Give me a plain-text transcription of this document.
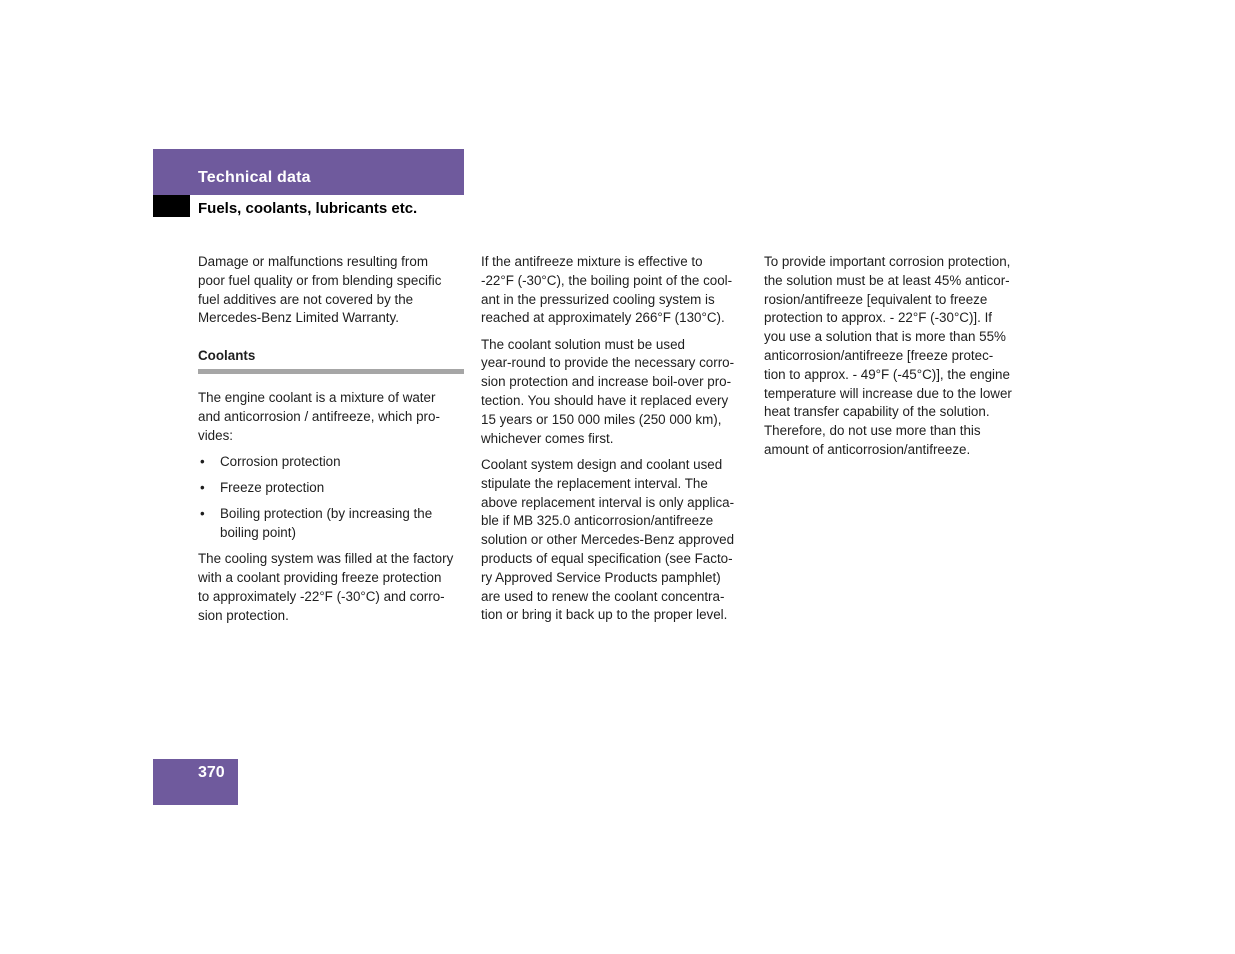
Technical data
Fuels, coolants, lubricants etc.

Damage or malfunctions resulting from
poor fuel quality or from blending specific
fuel additives are not covered by the
Mercedes-Benz Limited Warranty.

Coolants

The engine coolant is a mixture of water
and anticorrosion / antifreeze, which pro-
vides:

• Corrosion protection
• Freeze protection
• Boiling protection (by increasing the
boiling point)

The cooling system was filled at the factory
with a coolant providing freeze protection
to approximately -22°F (-30°C) and corro-
sion protection.

If the antifreeze mixture is effective to
-22°F (-30°C), the boiling point of the cool-
ant in the pressurized cooling system is
reached at approximately 266°F (130°C).

The coolant solution must be used
year-round to provide the necessary corro-
sion protection and increase boil-over pro-
tection. You should have it replaced every
15 years or 150 000 miles (250 000 km),
whichever comes first.

Coolant system design and coolant used
stipulate the replacement interval. The
above replacement interval is only applica-
ble if MB 325.0 anticorrosion/antifreeze
solution or other Mercedes-Benz approved
products of equal specification (see Facto-
ry Approved Service Products pamphlet)
are used to renew the coolant concentra-
tion or bring it back up to the proper level.

To provide important corrosion protection,
the solution must be at least 45% anticor-
rosion/antifreeze [equivalent to freeze
protection to approx. - 22°F (-30°C)]. If
you use a solution that is more than 55%
anticorrosion/antifreeze [freeze protec-
tion to approx. - 49°F (-45°C)], the engine
temperature will increase due to the lower
heat transfer capability of the solution.
Therefore, do not use more than this
amount of anticorrosion/antifreeze.

370
